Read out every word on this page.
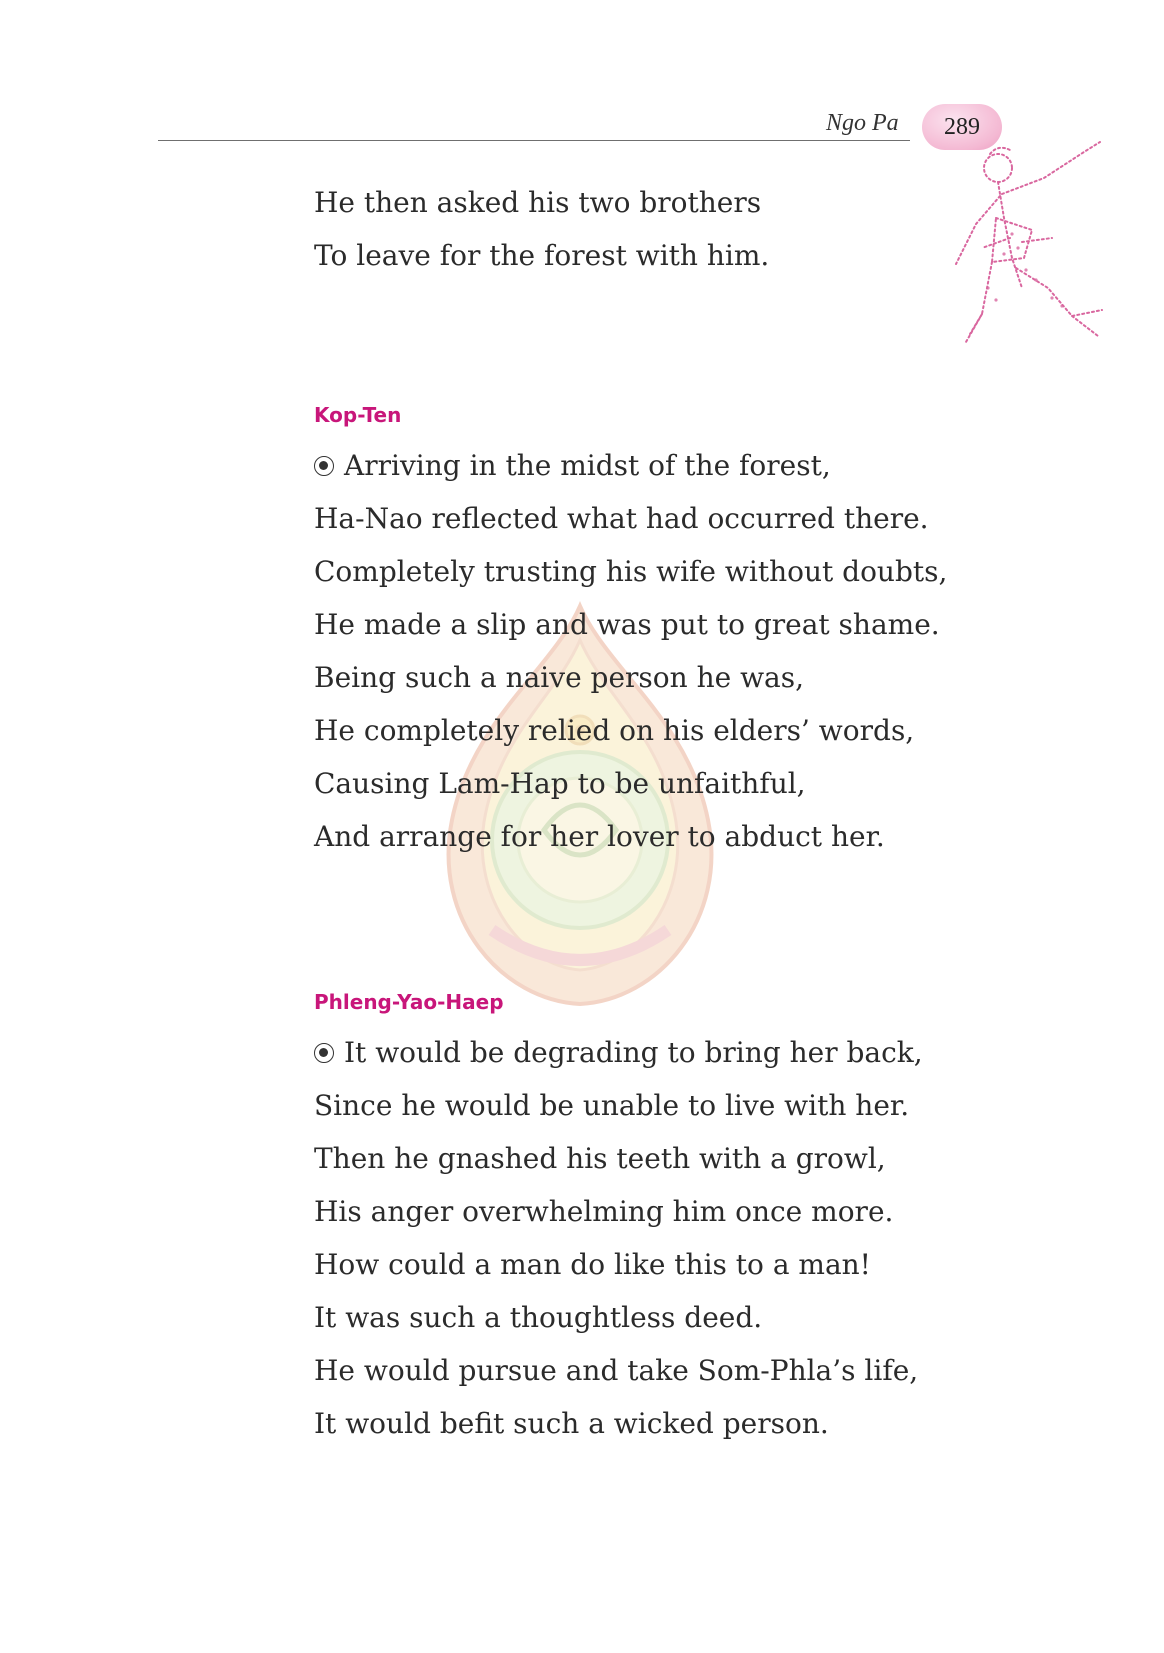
Ngo Pa	289
He then asked his two brothers
To leave for the forest with him.
Kop-Ten
Arriving in the midst of the forest,
Ha-Nao reflected what had occurred there.
Completely trusting his wife without doubts,
He made a slip and was put to great shame.
Being such a naive person he was,
He completely relied on his elders’ words,
Causing Lam-Hap to be unfaithful,
And arrange for her lover to abduct her.
Phleng-Yao-Haep
It would be degrading to bring her back,
Since he would be unable to live with her.
Then he gnashed his teeth with a growl,
His anger overwhelming him once more.
How could a man do like this to a man!
It was such a thoughtless deed.
He would pursue and take Som-Phla’s life,
It would befit such a wicked person.
